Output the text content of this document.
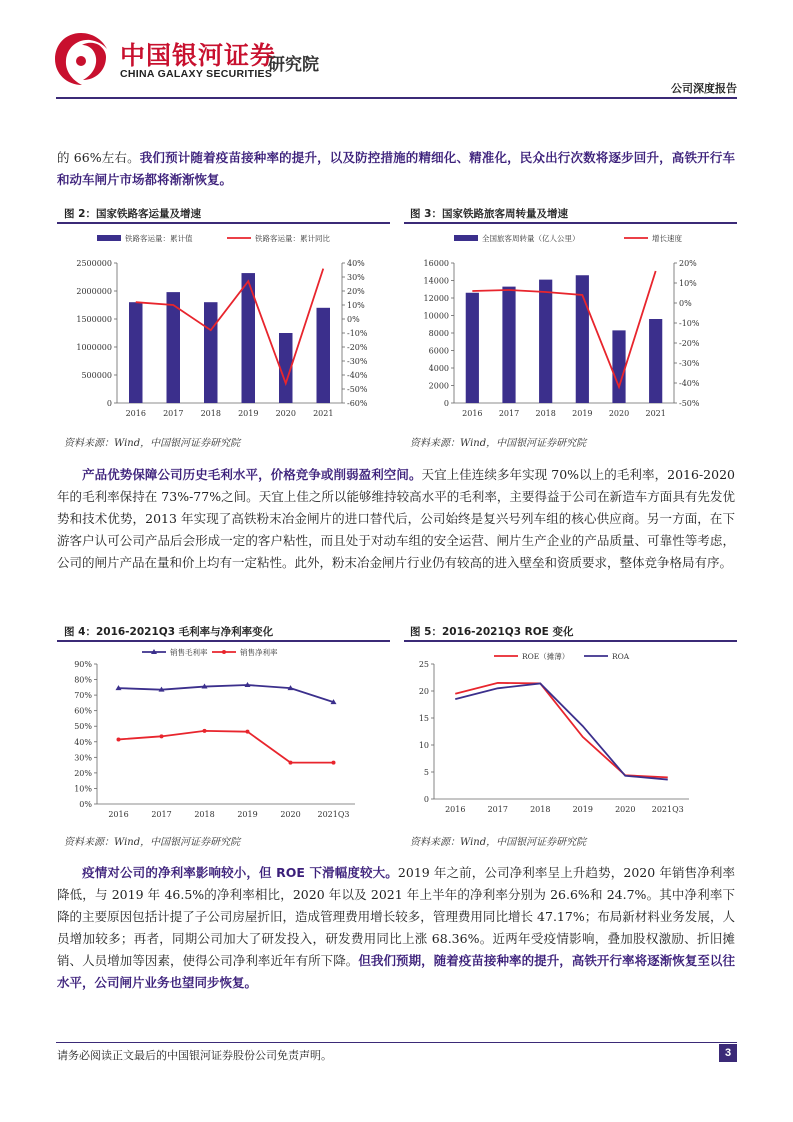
中国银河证券
CHINA GALAXY SECURITIES
研究院
公司深度报告
的 66%左右。我们预计随着疫苗接种率的提升，以及防控措施的精细化、精准化，民众出行次数将逐步回升，高铁开行车和动车闸片市场都将渐渐恢复。
图 2：国家铁路客运量及增速	图 3：国家铁路旅客周转量及增速
0
500000
1000000
1500000
2000000
2500000
-60%
-50%
-40%
-30%
-20%
-10%
0%
10%
20%
30%
40%
2016 2017 2018 2019 2020 2021
铁路客运量：累计值	铁路客运量：累计同比
0
2000
4000
6000
8000
10000
12000
14000
16000
-50%
-40%
-30%
-20%
-10%
0%
10%
20%
2016 2017 2018 2019 2020 2021
全国旅客周转量（亿人公里）	增长速度
资料来源：Wind，中国银河证券研究院	资料来源：Wind，中国银河证券研究院
产品优势保障公司历史毛利水平，价格竞争或削弱盈利空间。天宜上佳连续多年实现 70%以上的毛利率，2016-2020 年的毛利率保持在 73%-77%之间。天宜上佳之所以能够维持较高水平的毛利率，主要得益于公司在新造车方面具有先发优势和技术优势，2013 年实现了高铁粉末冶金闸片的进口替代后，公司始终是复兴号列车组的核心供应商。另一方面，在下游客户认可公司产品后会形成一定的客户粘性，而且处于对动车组的安全运营、闸片生产企业的产品质量、可靠性等考虑，公司的闸片产品在量和价上均有一定粘性。此外，粉末冶金闸片行业仍有较高的进入壁垒和资质要求，整体竞争格局有序。
图 4：2016-2021Q3 毛利率与净利率变化	图 5：2016-2021Q3 ROE 变化
0%
10%
20%
30%
40%
50%
60%
70%
80%
90%
2016	2017	2018	2019	2020 2021Q3
销售毛利率	销售净利率
0
5
10
15
20
25
2016	2017	2018	2019	2020 2021Q3
ROE（摊薄）	ROA
资料来源：Wind，中国银河证券研究院	资料来源：Wind，中国银河证券研究院
疫情对公司的净利率影响较小，但 ROE 下滑幅度较大。2019 年之前，公司净利率呈上升趋势，2020 年销售净利率降低，与 2019 年 46.5%的净利率相比，2020 年以及 2021 年上半年的净利率分别为 26.6%和 24.7%。其中净利率下降的主要原因包括计提了子公司房屋折旧，造成管理费用增长较多，管理费用同比增长 47.17%；布局新材料业务发展，人员增加较多；再者，同期公司加大了研发投入，研发费用同比上涨 68.36%。近两年受疫情影响，叠加股权激励、折旧摊销、人员增加等因素，使得公司净利率近年有所下降。但我们预期，随着疫苗接种率的提升，高铁开行率将逐渐恢复至以往水平，公司闸片业务也望同步恢复。
请务必阅读正文最后的中国银河证券股份公司免责声明。	3
